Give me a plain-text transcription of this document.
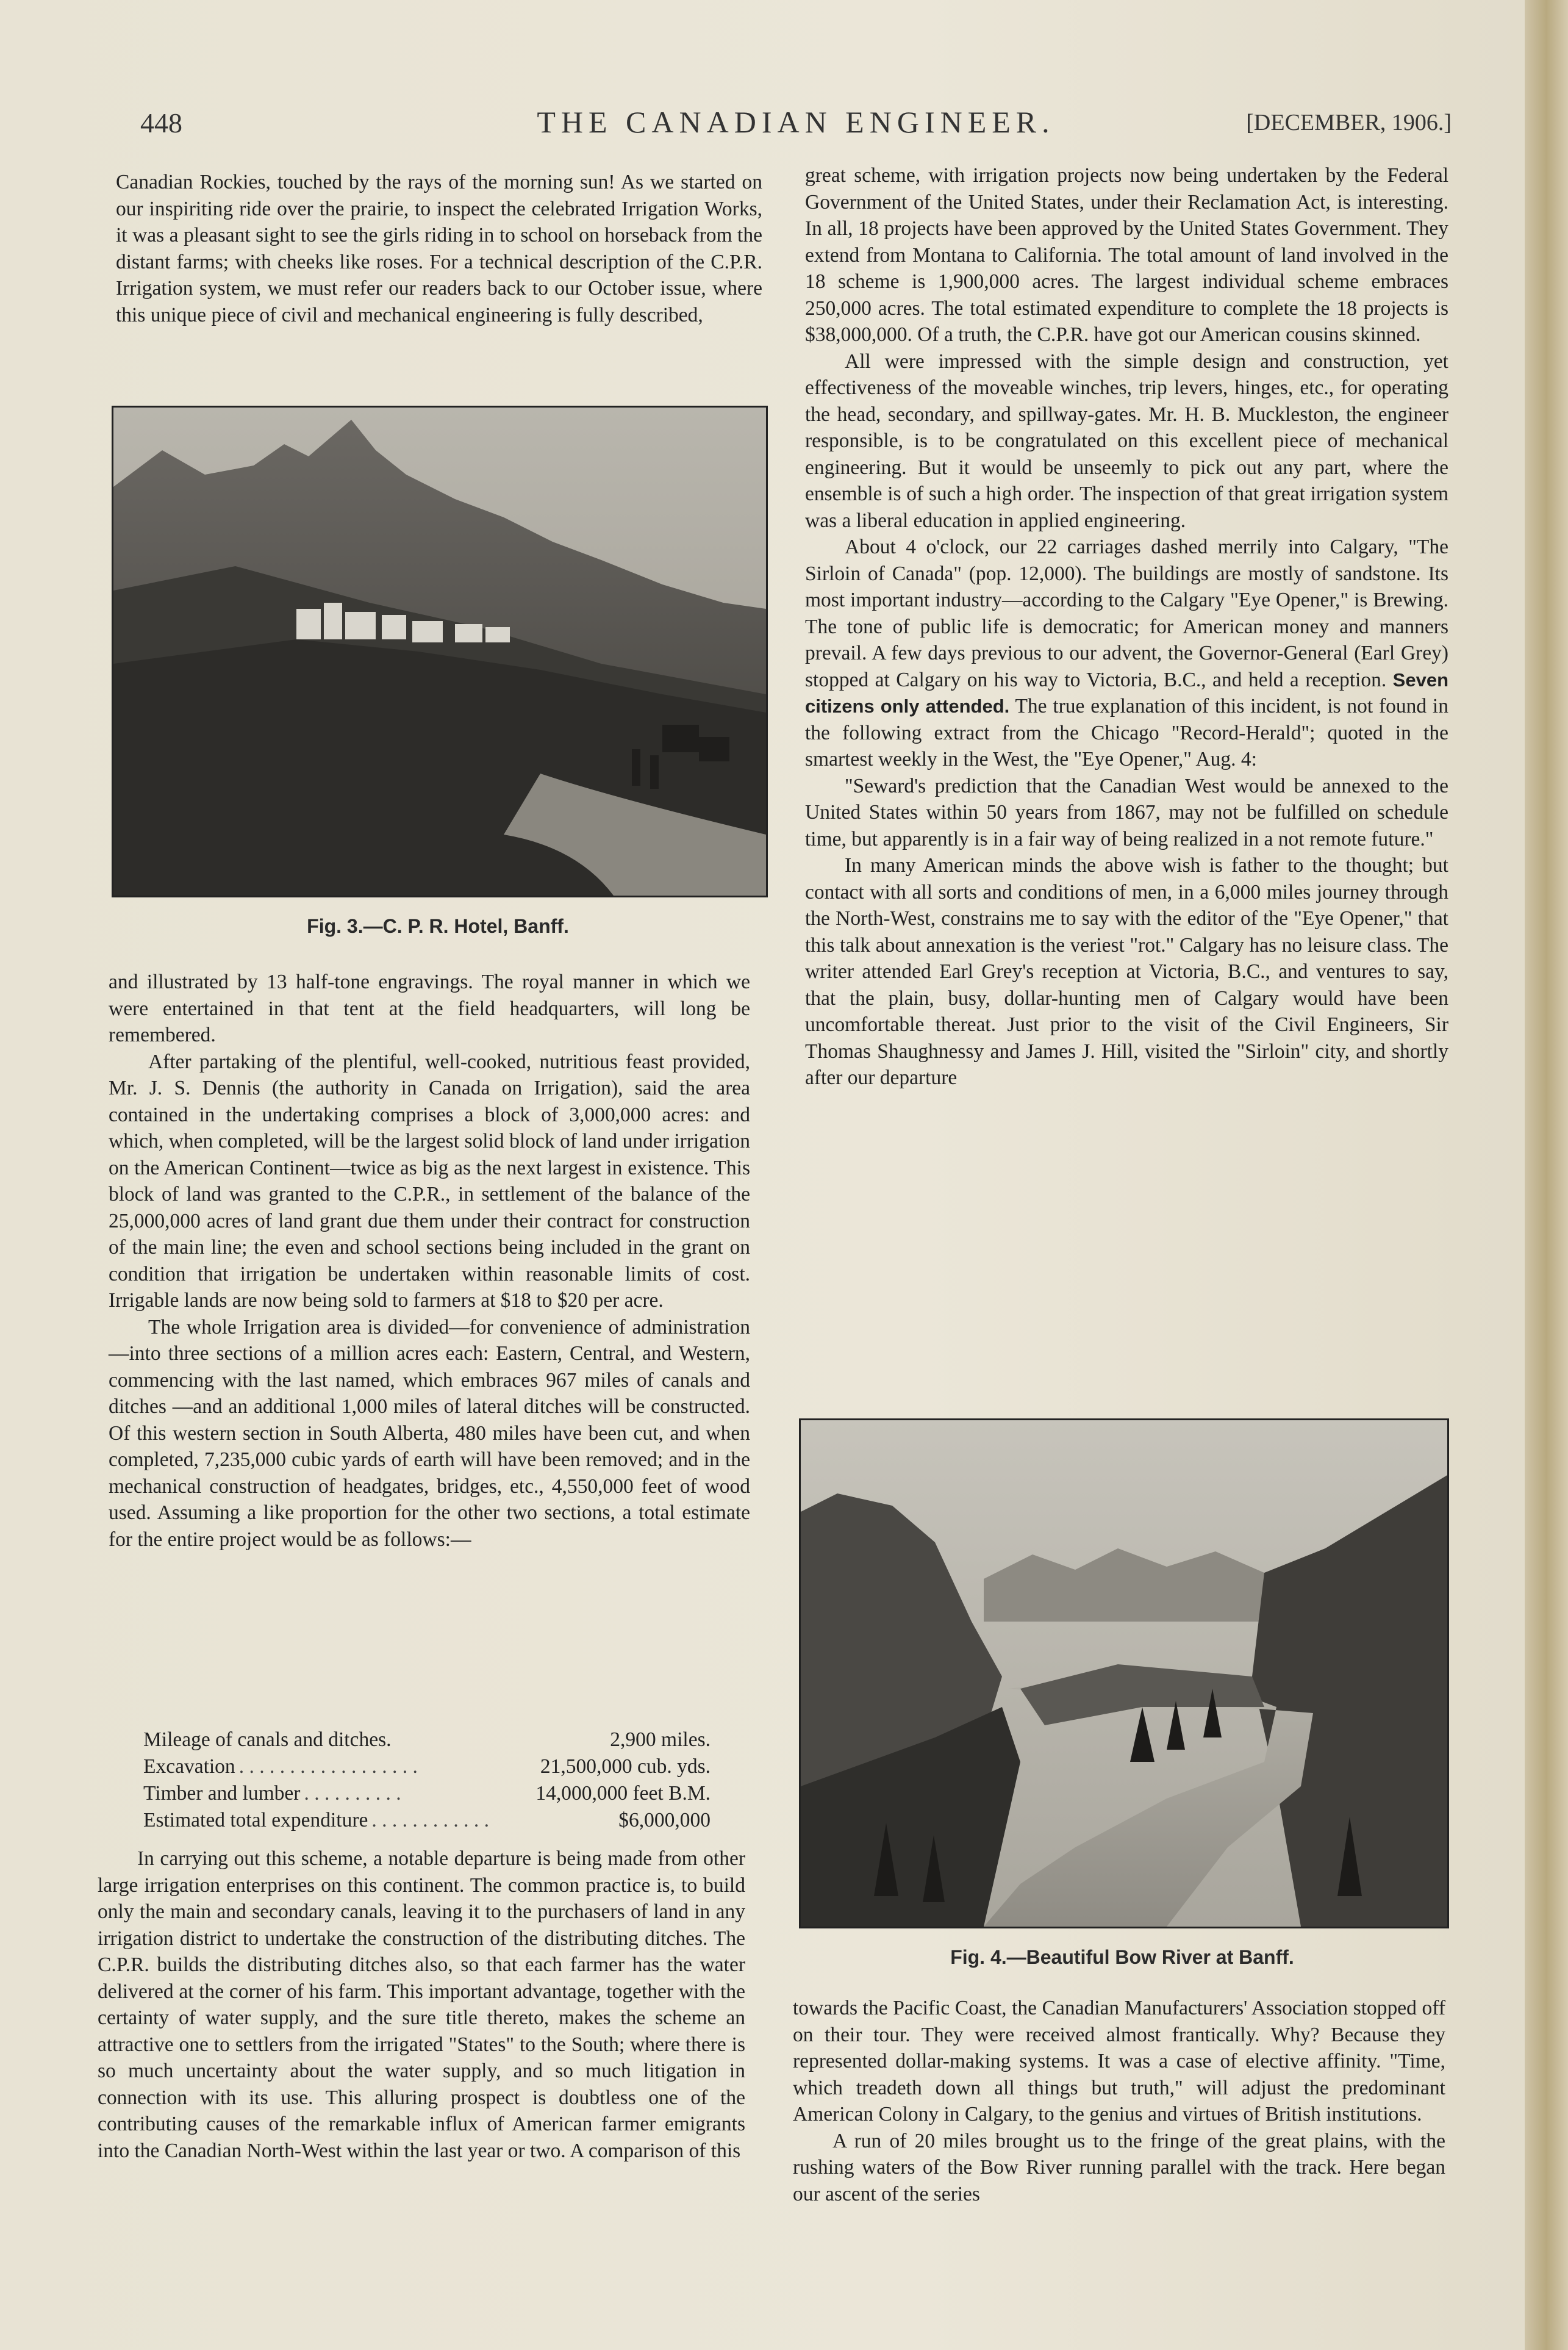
448	THE CANADIAN ENGINEER.	[DECEMBER, 1906.]

Canadian Rockies, touched by the rays of the morning sun! As we started on our inspiriting ride over the prairie, to inspect the celebrated Irrigation Works, it was a pleasant sight to see the girls riding in to school on horseback from the distant farms; with cheeks like roses. For a technical description of the C.P.R. Irrigation system, we must refer our readers back to our October issue, where this unique piece of civil and mechanical engineering is fully described,

Fig. 3.—C. P. R. Hotel, Banff.

and illustrated by 13 half-tone engravings. The royal manner in which we were entertained in that tent at the field headquarters, will long be remembered.

After partaking of the plentiful, well-cooked, nutritious feast provided, Mr. J. S. Dennis (the authority in Canada on Irrigation), said the area contained in the undertaking comprises a block of 3,000,000 acres: and which, when completed, will be the largest solid block of land under irrigation on the American Continent—twice as big as the next largest in existence. This block of land was granted to the C.P.R., in settlement of the balance of the 25,000,000 acres of land grant due them under their contract for construction of the main line; the even and school sections being included in the grant on condition that irrigation be undertaken within reasonable limits of cost. Irrigable lands are now being sold to farmers at $18 to $20 per acre.

The whole Irrigation area is divided—for convenience of administration—into three sections of a million acres each: Eastern, Central, and Western, commencing with the last named, which embraces 967 miles of canals and ditches —and an additional 1,000 miles of lateral ditches will be constructed. Of this western section in South Alberta, 480 miles have been cut, and when completed, 7,235,000 cubic yards of earth will have been removed; and in the mechanical construction of headgates, bridges, etc., 4,550,000 feet of wood used. Assuming a like proportion for the other two sections, a total estimate for the entire project would be as follows:—

Mileage of canals and ditches.	2,900 miles.
Excavation . . . . . . . . . . . . . . . . . .	21,500,000 cub. yds.
Timber and lumber . . . . . . . . . .	14,000,000 feet B.M.
Estimated total expenditure . . . . . . . . . . . .	$6,000,000

In carrying out this scheme, a notable departure is being made from other large irrigation enterprises on this continent. The common practice is, to build only the main and secondary canals, leaving it to the purchasers of land in any irrigation district to undertake the construction of the distributing ditches. The C.P.R. builds the distributing ditches also, so that each farmer has the water delivered at the corner of his farm. This important advantage, together with the certainty of water supply, and the sure title thereto, makes the scheme an attractive one to settlers from the irrigated "States" to the South; where there is so much uncertainty about the water supply, and so much litigation in connection with its use. This alluring prospect is doubtless one of the contributing causes of the remarkable influx of American farmer emigrants into the Canadian North-West within the last year or two. A comparison of this

great scheme, with irrigation projects now being undertaken by the Federal Government of the United States, under their Reclamation Act, is interesting. In all, 18 projects have been approved by the United States Government. They extend from Montana to California. The total amount of land involved in the 18 scheme is 1,900,000 acres. The largest individual scheme embraces 250,000 acres. The total estimated expenditure to complete the 18 projects is $38,000,000. Of a truth, the C.P.R. have got our American cousins skinned.

All were impressed with the simple design and construction, yet effectiveness of the moveable winches, trip levers, hinges, etc., for operating the head, secondary, and spillway-gates. Mr. H. B. Muckleston, the engineer responsible, is to be congratulated on this excellent piece of mechanical engineering. But it would be unseemly to pick out any part, where the ensemble is of such a high order. The inspection of that great irrigation system was a liberal education in applied engineering.

About 4 o'clock, our 22 carriages dashed merrily into Calgary, "The Sirloin of Canada" (pop. 12,000). The buildings are mostly of sandstone. Its most important industry—according to the Calgary "Eye Opener," is Brewing. The tone of public life is democratic; for American money and manners prevail. A few days previous to our advent, the Governor-General (Earl Grey) stopped at Calgary on his way to Victoria, B.C., and held a reception. Seven citizens only attended. The true explanation of this incident, is not found in the following extract from the Chicago "Record-Herald"; quoted in the smartest weekly in the West, the "Eye Opener," Aug. 4:

"Seward's prediction that the Canadian West would be annexed to the United States within 50 years from 1867, may not be fulfilled on schedule time, but apparently is in a fair way of being realized in a not remote future."

In many American minds the above wish is father to the thought; but contact with all sorts and conditions of men, in a 6,000 miles journey through the North-West, constrains me to say with the editor of the "Eye Opener," that this talk about annexation is the veriest "rot." Calgary has no leisure class. The writer attended Earl Grey's reception at Victoria, B.C., and ventures to say, that the plain, busy, dollar-hunting men of Calgary would have been uncomfortable thereat. Just prior to the visit of the Civil Engineers, Sir Thomas Shaughnessy and James J. Hill, visited the "Sirloin" city, and shortly after our departure

Fig. 4.—Beautiful Bow River at Banff.

towards the Pacific Coast, the Canadian Manufacturers' Association stopped off on their tour. They were received almost frantically. Why? Because they represented dollar-making systems. It was a case of elective affinity. "Time, which treadeth down all things but truth," will adjust the predominant American Colony in Calgary, to the genius and virtues of British institutions.

A run of 20 miles brought us to the fringe of the great plains, with the rushing waters of the Bow River running parallel with the track. Here began our ascent of the series
